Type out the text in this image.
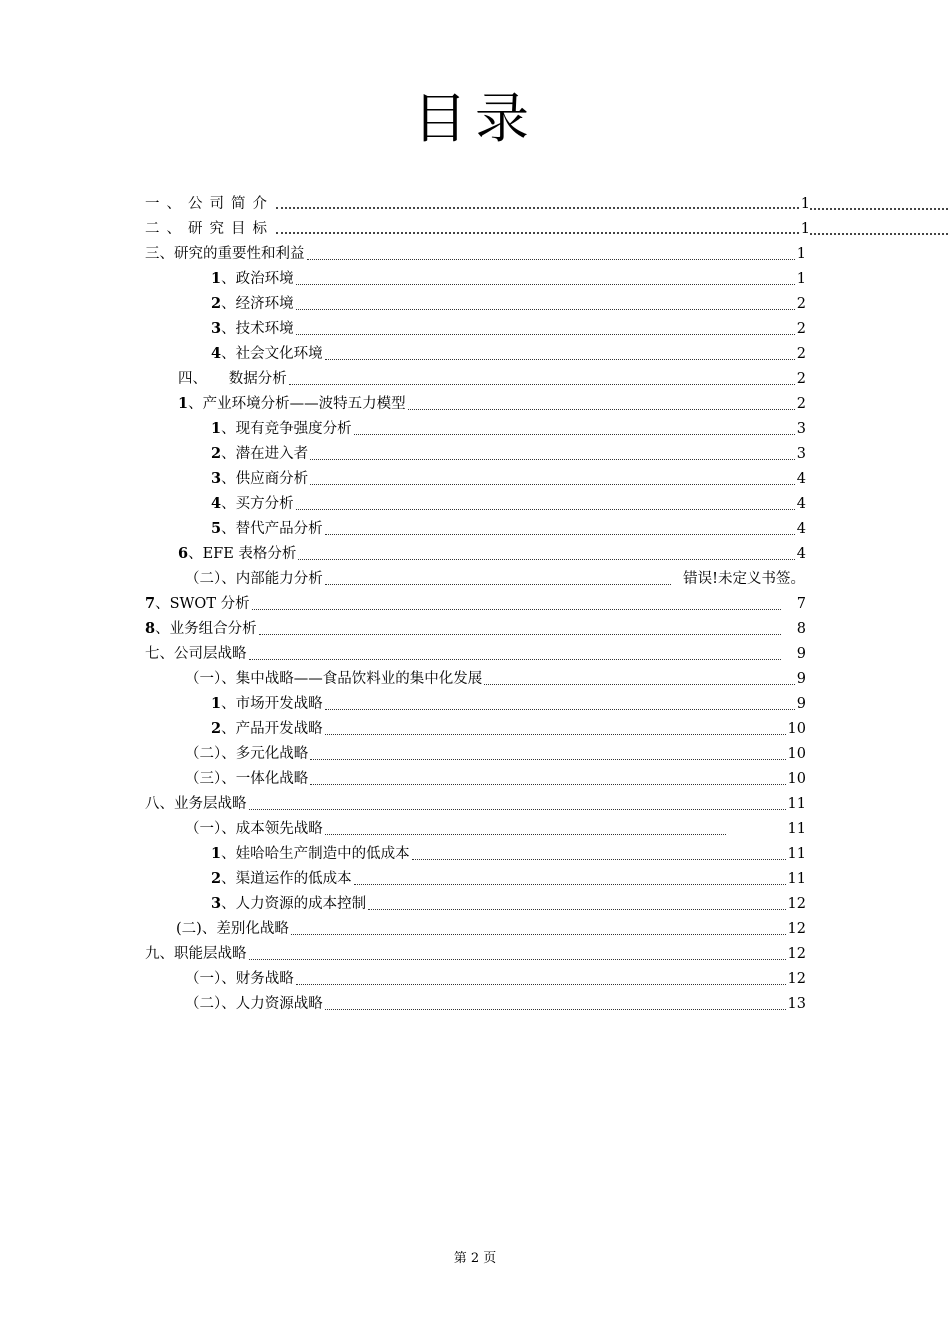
目录
一、公司简介	1
二、研究目标	1
三、研究的重要性和利益	1
1、政治环境	1
2、经济环境	2
3、技术环境	2
4、社会文化环境	2
四、　　数据分析	2
1、产业环境分析——波特五力模型	2
1、现有竞争强度分析	3
2、潜在进入者	3
3、供应商分析	4
4、买方分析	4
5、替代产品分析	4
6、EFE 表格分析	4
（二）、内部能力分析	错误!未定义书签。
7、SWOT 分析	7
8、业务组合分析	8
七、公司层战略	9
（一）、集中战略——食品饮料业的集中化发展	9
1、市场开发战略	9
2、产品开发战略	10
（二）、多元化战略	10
（三）、一体化战略	10
八、业务层战略	11
（一）、成本领先战略	11
1、娃哈哈生产制造中的低成本	11
2、渠道运作的低成本	11
3、人力资源的成本控制	12
(二)、差别化战略	12
九、职能层战略	12
（一）、财务战略	12
（二）、人力资源战略	13
第 2 页
